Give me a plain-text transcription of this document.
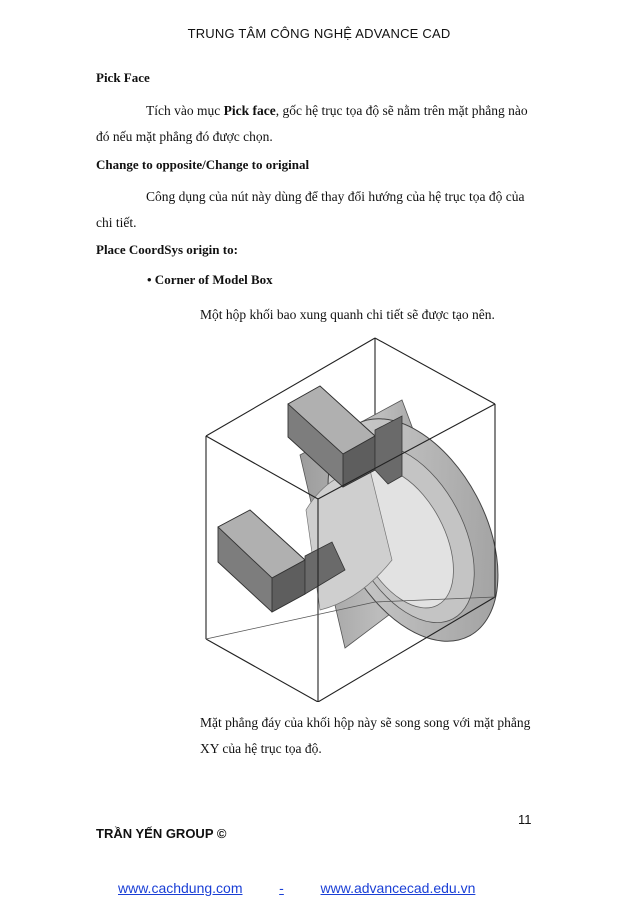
TRUNG TÂM CÔNG NGHỆ ADVANCE CAD
Pick Face
Tích vào mục Pick face, gốc hệ trục tọa độ sẽ nằm trên mặt phẳng nào
đó nếu mặt phẳng đó được chọn.
Change to opposite/Change to original
Công dụng của nút này dùng để thay đổi hướng của hệ trục tọa độ của
chi tiết.
Place CoordSys origin to:
• Corner of Model Box
Một hộp khối bao xung quanh chi tiết sẽ được tạo nên.
Mặt phẳng đáy của khối hộp này sẽ song song với mặt phẳng
XY của hệ trục tọa độ.
11
TRẦN YẾN GROUP ©
www.cachdung.com	-	www.advancecad.edu.vn
